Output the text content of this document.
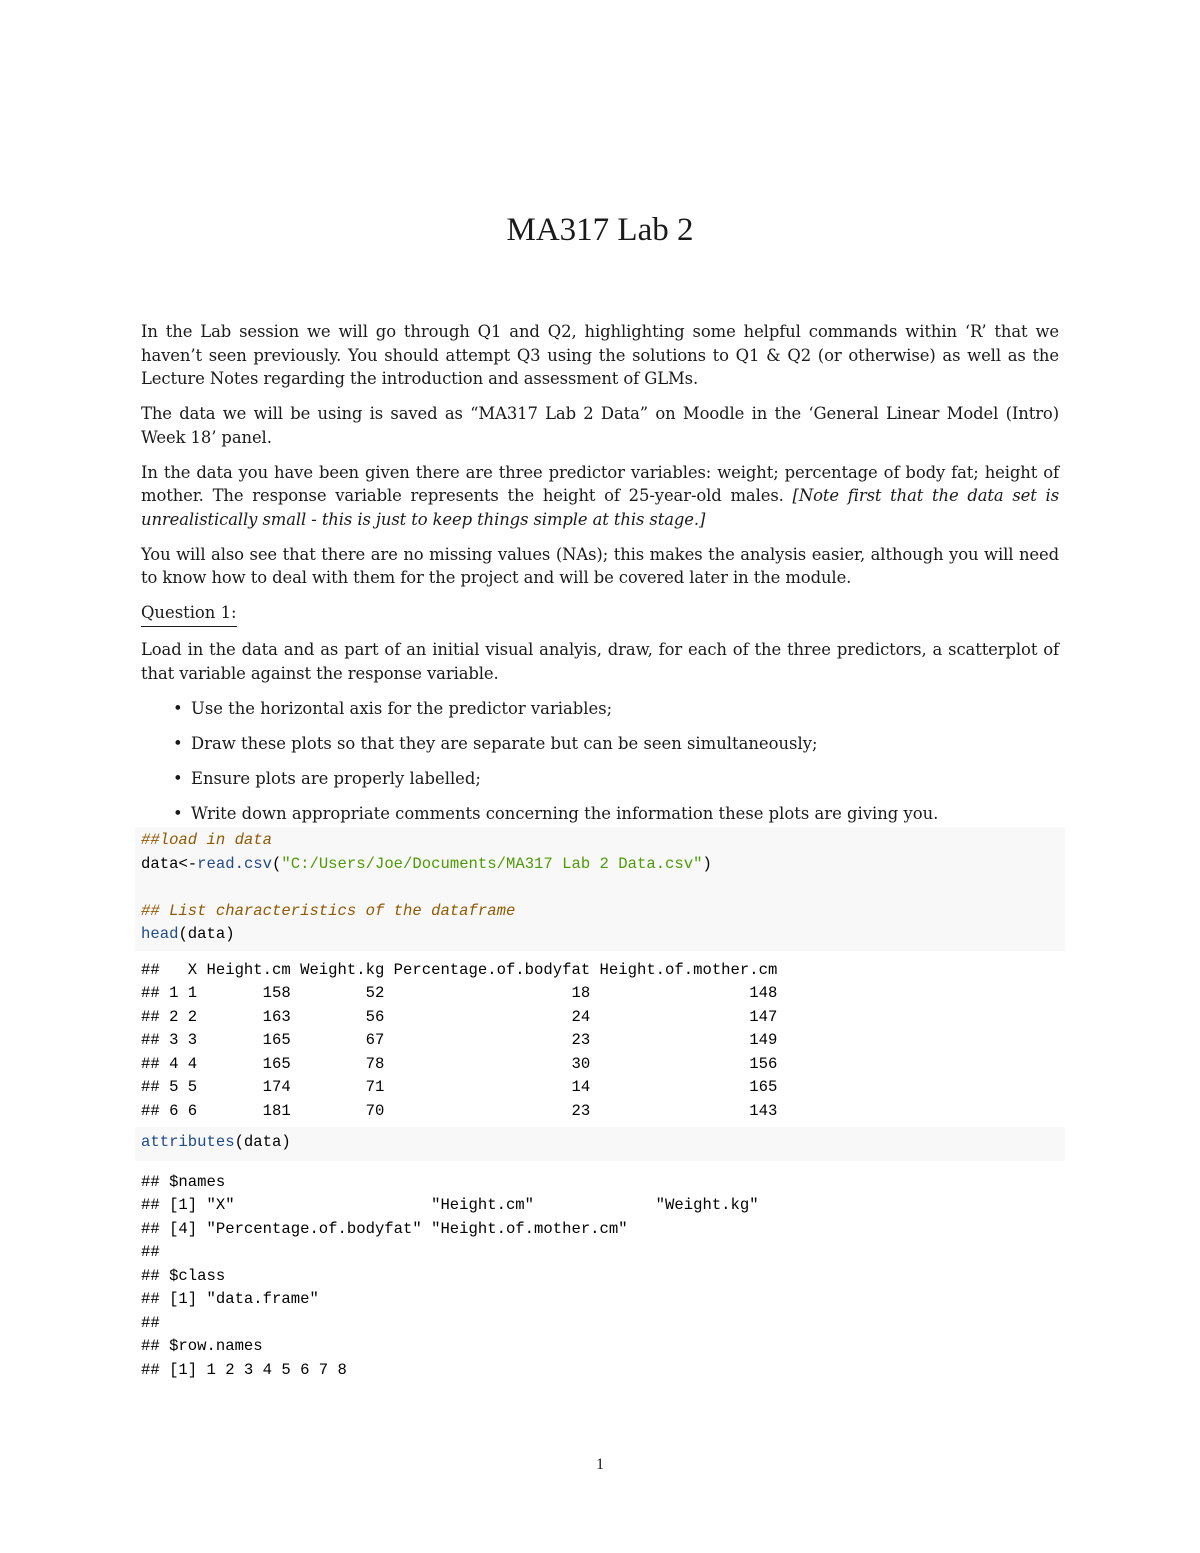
MA317 Lab 2

In the Lab session we will go through Q1 and Q2, highlighting some helpful commands within ‘R’ that we haven’t seen previously. You should attempt Q3 using the solutions to Q1 & Q2 (or otherwise) as well as the Lecture Notes regarding the introduction and assessment of GLMs.

The data we will be using is saved as “MA317 Lab 2 Data” on Moodle in the ‘General Linear Model (Intro) Week 18’ panel.

In the data you have been given there are three predictor variables: weight; percentage of body fat; height of mother. The response variable represents the height of 25-year-old males. [Note first that the data set is unrealistically small - this is just to keep things simple at this stage.]

You will also see that there are no missing values (NAs); this makes the analysis easier, although you will need to know how to deal with them for the project and will be covered later in the module.

Question 1:

Load in the data and as part of an initial visual analyis, draw, for each of the three predictors, a scatterplot of that variable against the response variable.

• Use the horizontal axis for the predictor variables;
• Draw these plots so that they are separate but can be seen simultaneously;
• Ensure plots are properly labelled;
• Write down appropriate comments concerning the information these plots are giving you.
##load in data
data<-read.csv("C:/Users/Joe/Documents/MA317 Lab 2 Data.csv")
## List characteristics of the dataframe
head(data)
##   X Height.cm Weight.kg Percentage.of.bodyfat Height.of.mother.cm
## 1 1       158        52                    18                 148
## 2 2       163        56                    24                 147
## 3 3       165        67                    23                 149
## 4 4       165        78                    30                 156
## 5 5       174        71                    14                 165
## 6 6       181        70                    23                 143
attributes(data)
## $names
## [1] "X"                     "Height.cm"             "Weight.kg"
## [4] "Percentage.of.bodyfat" "Height.of.mother.cm"
##
## $class
## [1] "data.frame"
##
## $row.names
## [1] 1 2 3 4 5 6 7 8
1
